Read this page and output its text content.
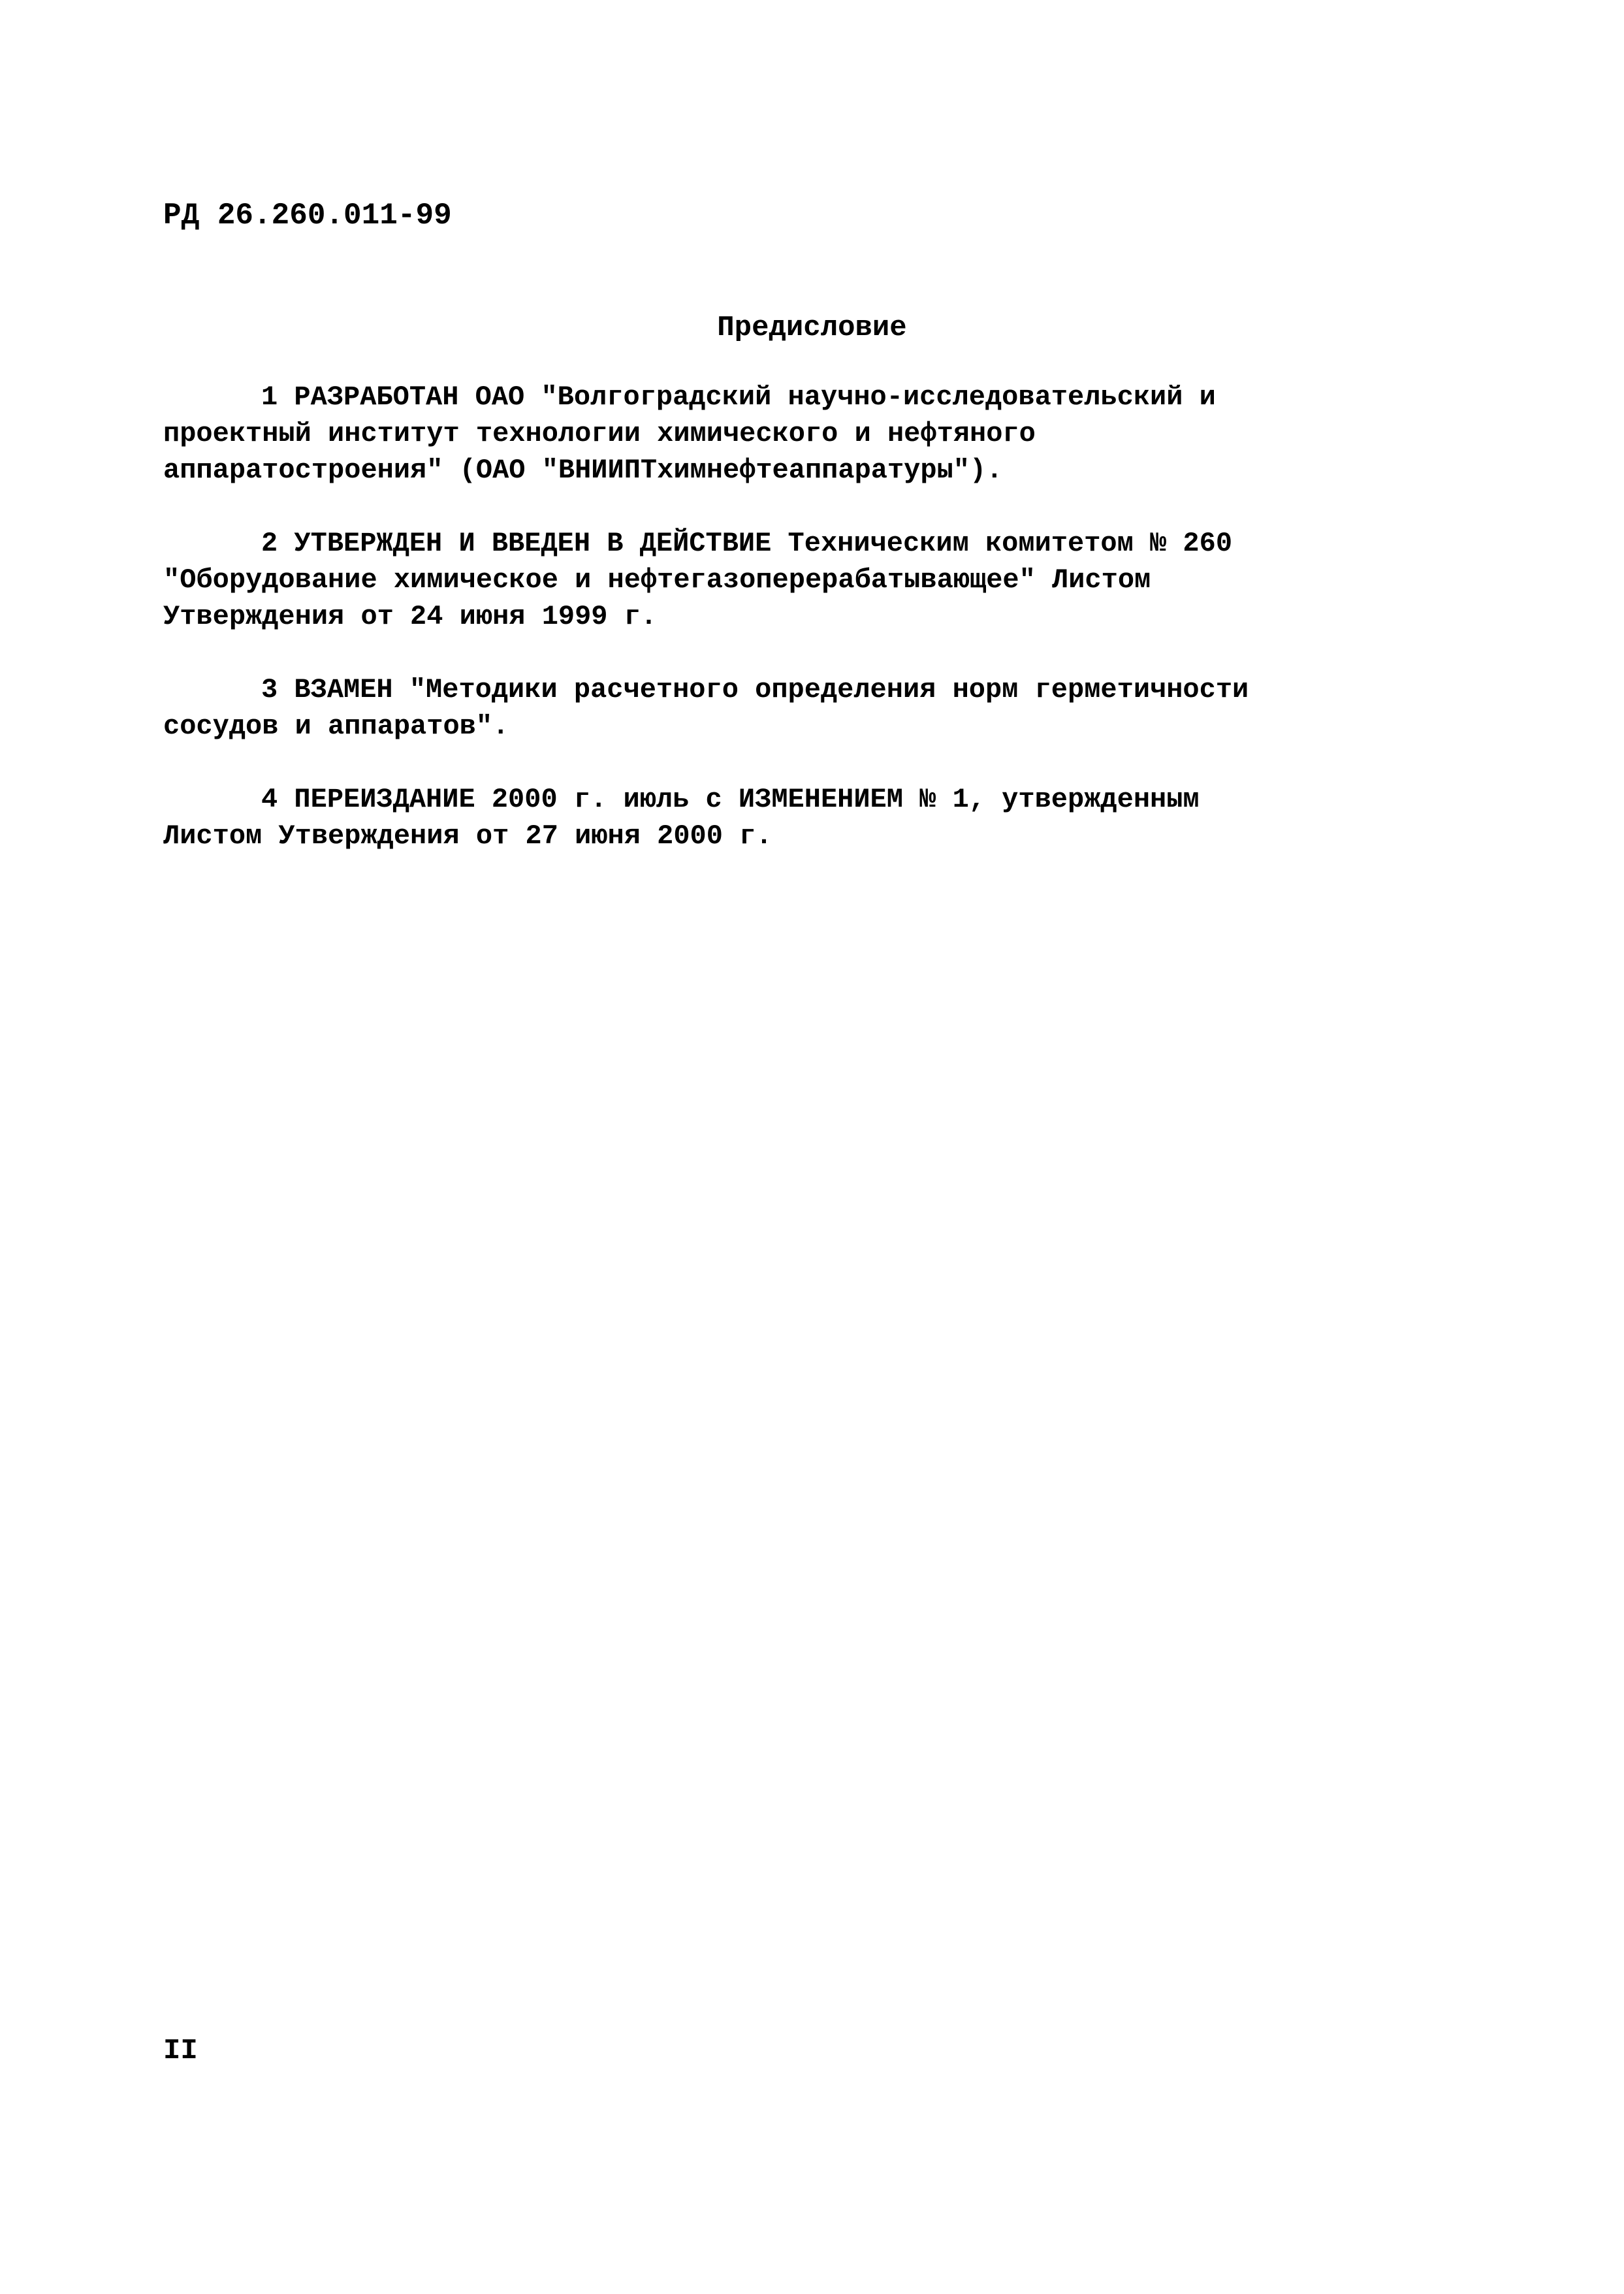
РД 26.260.011-99
Предисловие

1 РАЗРАБОТАН ОАО "Волгоградский научно-исследовательский и
проектный институт технологии химического и нефтяного
аппаратостроения" (ОАО "ВНИИПТхимнефтеаппаратуры").

2 УТВЕРЖДЕН И ВВЕДЕН В ДЕЙСТВИЕ Техническим комитетом № 260
"Оборудование химическое и нефтегазоперерабатывающее" Листом
Утверждения от 24 июня 1999 г.

3 ВЗАМЕН "Методики расчетного определения норм герметичности
сосудов и аппаратов".

4 ПЕРЕИЗДАНИЕ 2000 г. июль с ИЗМЕНЕНИЕМ № 1, утвержденным
Листом Утверждения от 27 июня 2000 г.

II
